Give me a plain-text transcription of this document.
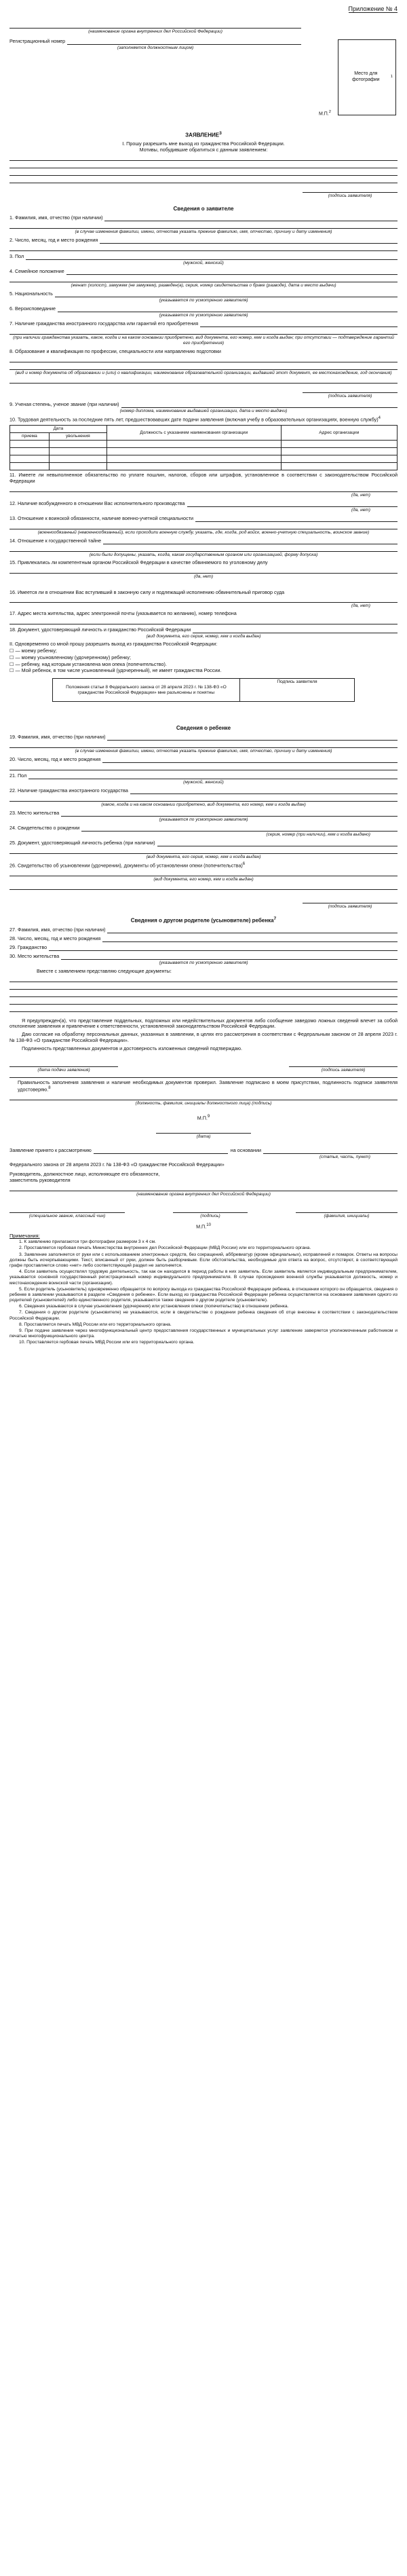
Приложение № 4
(наименование органа внутренних дел Российской Федерации)
Регистрационный номер
(заполняется должностным лицом)
Место для фотографии
1
М.П.$^2$
ЗАЯВЛЕНИЕ$^3$
I. Прошу разрешить мне выход из гражданства Российской Федерации.
Мотивы, побудившие обратиться с данным заявлением:
(подпись заявителя)
Сведения о заявителе
1. Фамилия, имя, отчество (при наличии)
(в случае изменения фамилии, имени, отчества указать прежние фамилию, имя, отчество, причину и дату изменения)
2. Число, месяц, год и место рождения
3. Пол
(мужской, женский)
4. Семейное положение
(женат (холост), замужем (не замужем), разведен(а), серия, номер свидетельства о браке (разводе), дата и место выдачи)
5. Национальность
(указывается по усмотрению заявителя)
6. Вероисповедание
(указывается по усмотрению заявителя)
7. Наличие гражданства иностранного государства или гарантий его приобретения
(при наличии гражданства указать, какое, когда и на каком основании приобретено, вид документа, его номер, кем и когда выдан; при отсутствии — подтверждение гарантий его приобретения)
8. Образование и квалификация по профессии, специальности или направлению подготовки
(вид и номер документа об образовании и (или) о квалификации, наименование образовательной организации, выдавшей этот документ, ее местонахождение, год окончания)
(подпись заявителя)
9. Ученая степень, ученое звание (при наличии)
(номер диплома, наименование выдавшей организации, дата и место выдачи)
10. Трудовая деятельность за последние пять лет, предшествовавших дате подачи заявления (включая учебу в образовательных организациях, военную службу)$^4$
Дата		Должность с указанием наименования организации	Адрес организации
приема	увольнения		

11. Имеете ли невыполненное обязательство по уплате пошлин, налогов, сборов или штрафов, установленное в соответствии с законодательством Российской Федерации
(да, нет)
12. Наличие возбужденного в отношении Вас исполнительного производства
(да, нет)
13. Отношение к воинской обязанности, наличие военно-учетной специальности
(военнообязанный (невоеннообязанный), если проходили военную службу, указать, где, когда, род войск, военно-учетную специальность, воинское звание)
14. Отношение к государственной тайне
(если были допущены, указать, когда, каким государственным органом или организацией, форму допуска)
15. Привлекались ли компетентным органом Российской Федерации в качестве обвиняемого по уголовному делу
(да, нет)
16. Имеется ли в отношении Вас вступивший в законную силу и подлежащий исполнению обвинительный приговор суда
(да, нет)
17. Адрес места жительства, адрес электронной почты (указывается по желанию), номер телефона
18. Документ, удостоверяющий личность и гражданство Российской Федерации
(вид документа, его серия, номер, кем и когда выдан)
II. Одновременно со мной прошу разрешить выход из гражданства Российской Федерации:
☐ — моему ребенку;
☐ — моему усыновленному (удочеренному) ребенку;
☐ — ребенку, над которым установлена моя опека (попечительство).
☐ — Мой ребенок, в том числе усыновленный (удочеренный), не имеет гражданства России.
Положения статьи 8 Федерального закона от 28 апреля 2023 г. № 138-ФЗ «О гражданстве Российской Федерации» мне разъяснены и понятны	Подпись заявителя
Сведения о ребенке
19. Фамилия, имя, отчество (при наличии)
(в случае изменения фамилии, имени, отчества указать прежние фамилию, имя, отчество, причину и дату изменения)
20. Число, месяц, год и место рождения
21. Пол
(мужской, женский)
22. Наличие гражданства иностранного государства
(какое, когда и на каком основании приобретено, вид документа, его номер, кем и когда выдан)
23. Место жительства
(указывается по усмотрению заявителя)
24. Свидетельство о рождении
(серия, номер (при наличии), кем и когда выдано)
25. Документ, удостоверяющий личность ребенка (при наличии)
(вид документа, его серия, номер, кем и когда выдан)
26. Свидетельство об усыновлении (удочерении), документы об установлении опеки (попечительства)$^6$
(вид документа, его номер, кем и когда выдан)
(подпись заявителя)
Сведения о другом родителе (усыновителе) ребенка$^7$
27. Фамилия, имя, отчество (при наличии)
28. Число, месяц, год и место рождения
29. Гражданство
30. Место жительства
(указывается по усмотрению заявителя)
Вместе с заявлением представляю следующие документы:
Я предупрежден(а), что представление поддельных, подложных или недействительных документов либо сообщение заведомо ложных сведений влечет за собой отклонение заявления и привлечение к ответственности, установленной законодательством Российской Федерации.
Даю согласие на обработку персональных данных, указанных в заявлении, в целях его рассмотрения в соответствии с Федеральным законом от 28 апреля 2023 г. № 138-ФЗ «О гражданстве Российской Федерации».
Подлинность представленных документов и достоверность изложенных сведений подтверждаю.
(дата подачи заявления)	(подпись заявителя)
Правильность заполнения заявления и наличие необходимых документов проверил. Заявление подписано в моем присутствии, подлинность подписи заявителя удостоверяю.$^8$
(должность, фамилия, инициалы должностного лица) (подпись)
М.П.$^9$
(дата)
Заявление принято к рассмотрению	на основании
(статья, часть, пункт)
Федерального закона от 28 апреля 2023 г. № 138-ФЗ «О гражданстве Российской Федерации»
Руководитель, должностное лицо, исполняющее его обязанности, заместитель руководителя
(наименование органа внутренних дел Российской Федерации)
(специальное звание, классный чин)	(подпись)	(фамилия, инициалы)
М.П.$^{10}$
Примечания:

1. К заявлению прилагаются три фотографии размером 3 х 4 см.

2. Проставляется гербовая печать Министерства внутренних дел Российской Федерации (МВД России) или его территориального органа.

3. Заявление заполняется от руки или с использованием электронных средств, без сокращений, аббревиатур (кроме официальных), исправлений и помарок. Ответы на вопросы должны быть исчерпывающими. Текст, вписанный от руки, должен быть разборчивым. Если обстоятельства, необходимые для ответа на вопрос, отсутствуют, в соответствующей графе проставляется слово «нет» либо соответствующий раздел не заполняется.

4. Если заявитель осуществлял трудовую деятельность, так как он находился в период работы в них заявитель. Если заявитель является индивидуальным предпринимателем, указывается основной государственный регистрационный номер индивидуального предпринимателя. В случае прохождения военной службы указывается должность, номер и местонахождение воинской части (организации).

5. Если родитель (усыновитель) одновременно обращается по вопросу выхода из гражданства Российской Федерации ребенка, в отношении которого он обращается, сведения о ребенке в заявлении указываются в разделе «Сведения о ребенке». Если выход из гражданства Российской Федерации ребенка осуществляется на основании заявления одного из родителей (усыновителей) либо единственного родителя, указываются также сведения о другом родителе (усыновителе).

6. Сведения указываются в случае усыновления (удочерения) или установления опеки (попечительства) в отношении ребенка.

7. Сведения о другом родителе (усыновителе) не указываются, если в свидетельстве о рождении ребенка сведения об отце внесены в соответствии с законодательством Российской Федерации.

8. Проставляется печать МВД России или его территориального органа.

9. При подаче заявления через многофункциональный центр предоставления государственных и муниципальных услуг заявление заверяется уполномоченным работником и печатью многофункционального центра.

10. Проставляется гербовая печать МВД России или его территориального органа.
